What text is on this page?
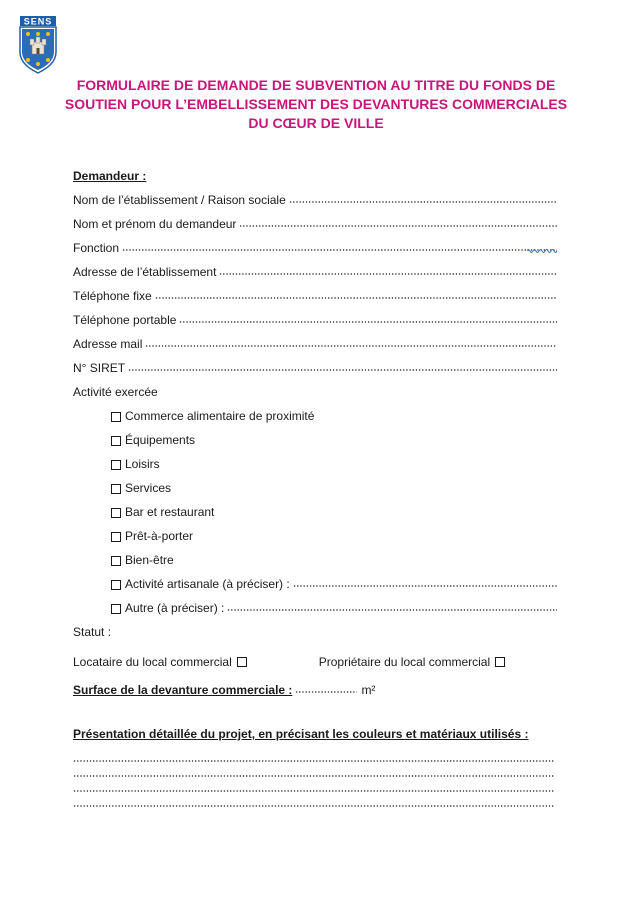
SENS
FORMULAIRE DE DEMANDE DE SUBVENTION AU TITRE DU FONDS DE
SOUTIEN POUR L’EMBELLISSEMENT DES DEVANTURES COMMERCIALES
DU CŒUR DE VILLE
Demandeur :
Nom de l’établissement / Raison sociale
Nom et prénom du demandeur
Fonction
Adresse de l’établissement
Téléphone fixe
Téléphone portable
Adresse mail
N° SIRET
Activité exercée
Commerce alimentaire de proximité
Équipements
Loisirs
Services
Bar et restaurant
Prêt-à-porter
Bien-être
Activité artisanale (à préciser) :
Autre (à préciser) :
Statut :
Locataire du local commercial	Propriétaire du local commercial
Surface de la devanture commerciale :	m²
Présentation détaillée du projet, en précisant les couleurs et matériaux utilisés :
